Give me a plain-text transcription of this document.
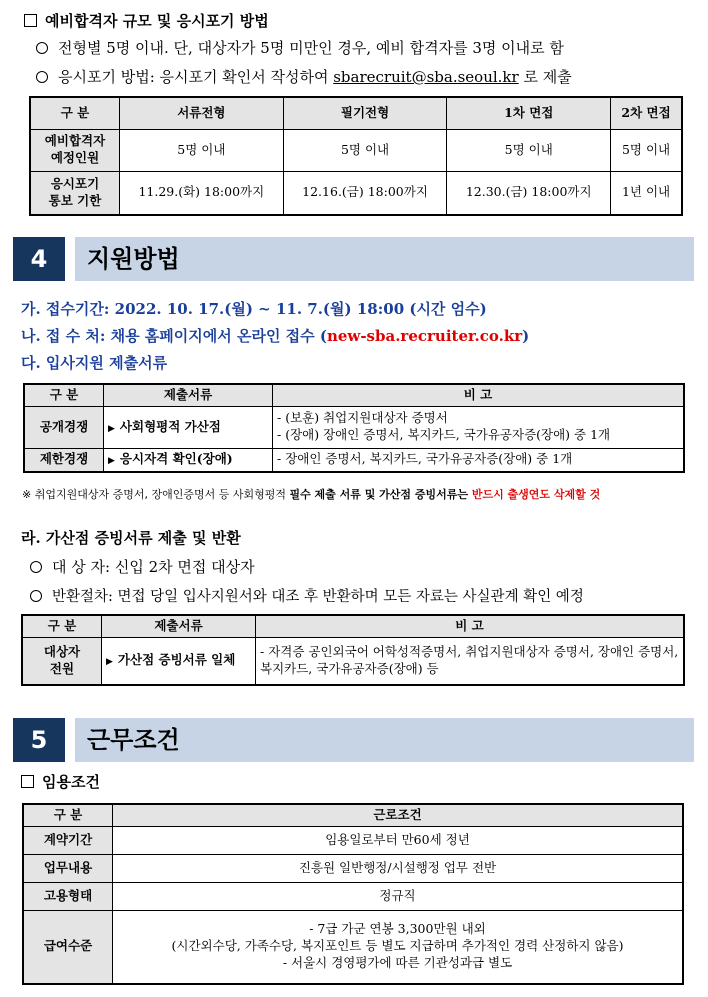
예비합격자 규모 및 응시포기 방법
전형별 5명 이내. 단, 대상자가 5명 미만인 경우, 예비 합격자를 3명 이내로 함
응시포기 방법: 응시포기 확인서 작성하여 sbarecruit@sba.seoul.kr 로 제출
구 분	서류전형	필기전형	1차 면접	2차 면접
예비합격자
예정인원	5명 이내	5명 이내	5명 이내	5명 이내
응시포기
통보 기한	11.29.(화) 18:00까지	12.16.(금) 18:00까지	12.30.(금) 18:00까지	1년 이내
4	지원방법
가. 접수기간: 2022. 10. 17.(월) ~ 11. 7.(월) 18:00 (시간 엄수)
나. 접 수 처: 채용 홈페이지에서 온라인 접수 (new-sba.recruiter.co.kr)
다. 입사지원 제출서류
구 분	제출서류	비 고
공개경쟁	▶ 사회형평적 가산점	- (보훈) 취업지원대상자 증명서
- (장애) 장애인 증명서, 복지카드, 국가유공자증(장애) 중 1개

제한경쟁	▶ 응시자격 확인(장애)	- 장애인 증명서, 복지카드, 국가유공자증(장애) 중 1개
※ 취업지원대상자 증명서, 장애인증명서 등 사회형평적 필수 제출 서류 및 가산점 증빙서류는 반드시 출생연도 삭제할 것
라. 가산점 증빙서류 제출 및 반환
대 상 자: 신입 2차 면접 대상자
반환절차: 면접 당일 입사지원서와 대조 후 반환하며 모든 자료는 사실관계 확인 예정
구 분	제출서류	비 고
대상자
전원	▶ 가산점 증빙서류 일체	- 자격증 공인외국어 어학성적증명서, 취업지원대상자 증명서, 장애인 증명서,
복지카드, 국가유공자증(장애) 등
5	근무조건
임용조건
구 분	근로조건
계약기간	임용일로부터 만60세 정년
업무내용	진흥원 일반행정/시설행정 업무 전반
고용형태	정규직
급여수준	- 7급 가군 연봉 3,300만원 내외
(시간외수당, 가족수당, 복지포인트 등 별도 지급하며 추가적인 경력 산정하지 않음)
- 서울시 경영평가에 따른 기관성과급 별도
